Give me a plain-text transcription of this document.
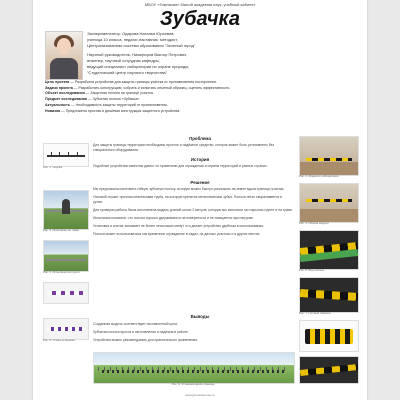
МБОУ «Гимназия» Малой академии наук, учебный кабинет
Зубачка
Экспериментатор: Одарова Наталья Юрьевна,
ученица 10 класса, педагог-наставник: методист,
Централизованная система образования "Зеленый город"
Научный руководитель: Никифоров Виктор Петрович,
инженер, научный сотрудник кафедры,
ведущий специалист лаборатории по охране природы,
"Студенческий центр научного творчества"
Цель проекта — Разработка устройства для защиты границы участка от проникновения посторонних.
Задачи проекта — Разработать конструкцию; собрать и испытать опытный образец; оценить эффективность.
Объект исследования — Защитная полоса на границе участка.
Предмет исследования — Зубчатая полоса «Зубачка».
Актуальность — Необходимость защиты территорий от проникновения.
Новизна — Предложена простая и дешёвая конструкция защитного устройства.
Проблема
Для защиты границы территории необходимо простое и надёжное средство, которое может быть установлено без специального оборудования.
История
Подобные устройства известны давно: их применяли для ограждения и охраны территорий в разных странах.
Рис. 1. Чертёж
Рис. 2. Модель в лаборатории
Рис. 3. Сборка модели
Рис. 6. Вид полосы
Рис. 7. Готовый образец
Решение
Мы предложили изготовить гибкую зубчатую полосу, которую можно быстро разложить на земле вдоль границы участка.
Основой служит прочная пластиковая труба, на которую крепятся металлические зубья. Полоса легко сворачивается в рулон.
Для проверки работы была изготовлена модель длиной около 2 метров, которую мы испытали на открытом грунте и на траве.
Испытания показали, что полоса хорошо удерживается на поверхности и не смещается при нагрузке.
Установка и снятие занимают не более нескольких минут, что делает устройство удобным в использовании.
Полоса может использоваться как временное ограждение в садах, на дачных участках и в других местах.
Рис. 4. Испытание на траве
Рис. 5. Испытание на грунте
Выводы
Созданная модель соответствует поставленной цели.
Зубчатая полоса проста в изготовлении и надёжна в работе.
Устройство можно рекомендовать для практического применения.
Рис. 8. Схема установки
Рис. 9. Установка вдоль границы
www.gimnazia-man.ru
